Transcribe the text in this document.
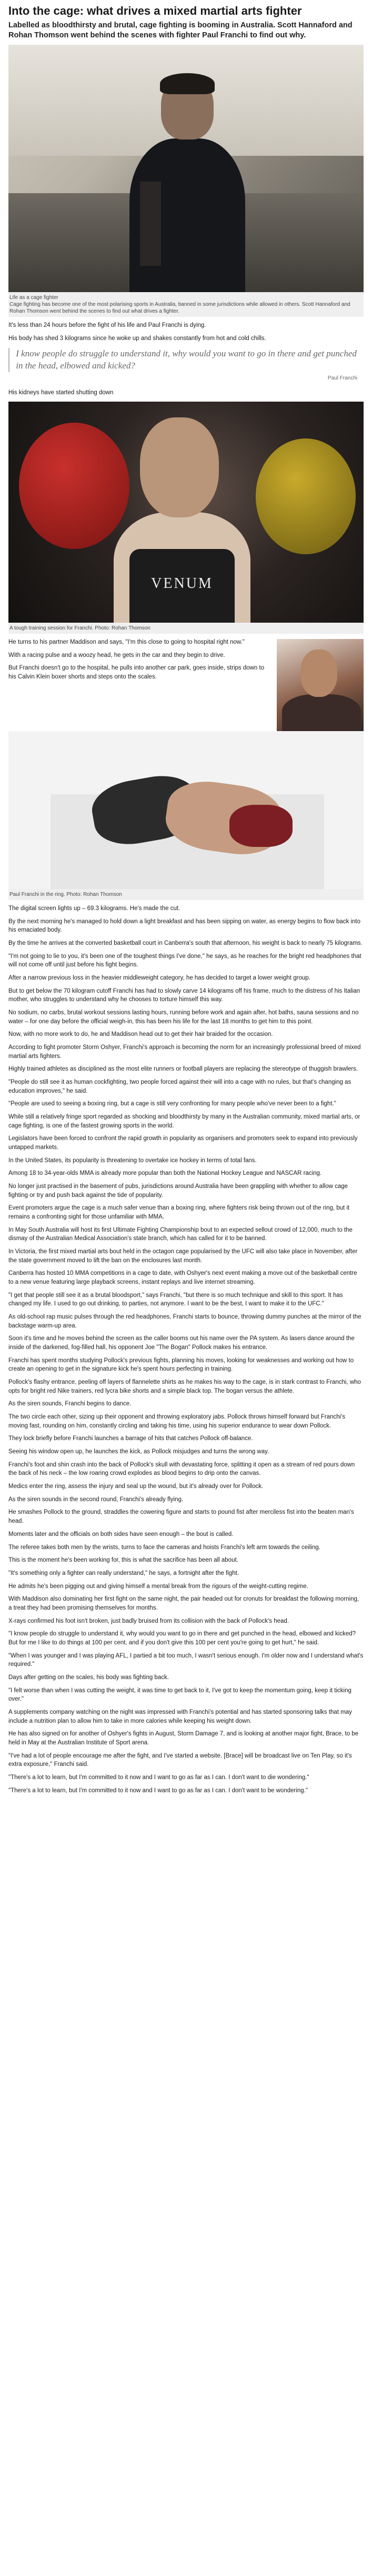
Into the cage: what drives a mixed martial arts fighter

Labelled as bloodthirsty and brutal, cage fighting is booming in Australia. Scott Hannaford and Rohan Thomson went behind the scenes with fighter Paul Franchi to find out why.

Life as a cage fighter
Cage fighting has become one of the most polarising sports in Australia, banned in some jurisdictions while allowed in others. Scott Hannaford and Rohan Thomson went behind the scenes to find out what drives a fighter.

It's less than 24 hours before the fight of his life and Paul Franchi is dying.

His body has shed 3 kilograms since he woke up and shakes constantly from hot and cold chills.

I know people do struggle to understand it, why would you want to go in there and get punched in the head, elbowed and kicked?
Paul Franchi

His kidneys have started shutting down

VENUM
A tough training session for Franchi. Photo: Rohan Thomson

He turns to his partner Maddison and says, "I'm this close to going to hospital right now."

With a racing pulse and a woozy head, he gets in the car and they begin to drive.

But Franchi doesn't go to the hospital, he pulls into another car park, goes inside, strips down to his Calvin Klein boxer shorts and steps onto the scales.

Paul Franchi in the ring. Photo: Rohan Thomson

The digital screen lights up – 69.3 kilograms. He's made the cut.

By the next morning he's managed to hold down a light breakfast and has been sipping on water, as energy begins to flow back into his emaciated body.

By the time he arrives at the converted basketball court in Canberra's south that afternoon, his weight is back to nearly 75 kilograms.

"I'm not going to lie to you, it's been one of the toughest things I've done," he says, as he reaches for the bright red headphones that will not come off until just before his fight begins.

After a narrow previous loss in the heavier middleweight category, he has decided to target a lower weight group.

But to get below the 70 kilogram cutoff Franchi has had to slowly carve 14 kilograms off his frame, much to the distress of his Italian mother, who struggles to understand why he chooses to torture himself this way.

No sodium, no carbs, brutal workout sessions lasting hours, running before work and again after, hot baths, sauna sessions and no water – for one day before the official weigh-in, this has been his life for the last 18 months to get him to this point.

Now, with no more work to do, he and Maddison head out to get their hair braided for the occasion.

According to fight promoter Storm Oshyer, Franchi's approach is becoming the norm for an increasingly professional breed of mixed martial arts fighters.

Highly trained athletes as disciplined as the most elite runners or football players are replacing the stereotype of thuggish brawlers.

"People do still see it as human cockfighting, two people forced against their will into a cage with no rules, but that's changing as education improves," he said.

"People are used to seeing a boxing ring, but a cage is still very confronting for many people who've never been to a fight."

While still a relatively fringe sport regarded as shocking and bloodthirsty by many in the Australian community, mixed martial arts, or cage fighting, is one of the fastest growing sports in the world.

Legislators have been forced to confront the rapid growth in popularity as organisers and promoters seek to expand into previously untapped markets.

In the United States, its popularity is threatening to overtake ice hockey in terms of total fans.

Among 18 to 34-year-olds MMA is already more popular than both the National Hockey League and NASCAR racing.

No longer just practised in the basement of pubs, jurisdictions around Australia have been grappling with whether to allow cage fighting or try and push back against the tide of popularity.

Event promoters argue the cage is a much safer venue than a boxing ring, where fighters risk being thrown out of the ring, but it remains a confronting sight for those unfamiliar with MMA.

In May South Australia will host its first Ultimate Fighting Championship bout to an expected sellout crowd of 12,000, much to the dismay of the Australian Medical Association's state branch, which has called for it to be banned.

In Victoria, the first mixed martial arts bout held in the octagon cage popularised by the UFC will also take place in November, after the state government moved to lift the ban on the enclosures last month.

Canberra has hosted 10 MMA competitions in a cage to date, with Oshyer's next event making a move out of the basketball centre to a new venue featuring large playback screens, instant replays and live internet streaming.

"I get that people still see it as a brutal bloodsport," says Franchi, "but there is so much technique and skill to this sport. It has changed my life. I used to go out drinking, to parties, not anymore. I want to be the best, I want to make it to the UFC."

As old-school rap music pulses through the red headphones, Franchi starts to bounce, throwing dummy punches at the mirror of the backstage warm-up area.

Soon it's time and he moves behind the screen as the caller booms out his name over the PA system. As lasers dance around the inside of the darkened, fog-filled hall, his opponent Joe "The Bogan" Pollock makes his entrance.

Franchi has spent months studying Pollock's previous fights, planning his moves, looking for weaknesses and working out how to create an opening to get in the signature kick he's spent hours perfecting in training.

Pollock's flashy entrance, peeling off layers of flannelette shirts as he makes his way to the cage, is in stark contrast to Franchi, who opts for bright red Nike trainers, red lycra bike shorts and a simple black top. The bogan versus the athlete.

As the siren sounds, Franchi begins to dance.

The two circle each other, sizing up their opponent and throwing exploratory jabs. Pollock throws himself forward but Franchi's moving fast, rounding on him, constantly circling and taking his time, using his superior endurance to wear down Pollock.

They lock briefly before Franchi launches a barrage of hits that catches Pollock off-balance.

Seeing his window open up, he launches the kick, as Pollock misjudges and turns the wrong way.

Franchi's foot and shin crash into the back of Pollock's skull with devastating force, splitting it open as a stream of red pours down the back of his neck – the low roaring crowd explodes as blood begins to drip onto the canvas.

Medics enter the ring, assess the injury and seal up the wound, but it's already over for Pollock.

As the siren sounds in the second round, Franchi's already flying.

He smashes Pollock to the ground, straddles the cowering figure and starts to pound fist after merciless fist into the beaten man's head.

Moments later and the officials on both sides have seen enough – the bout is called.

The referee takes both men by the wrists, turns to face the cameras and hoists Franchi's left arm towards the ceiling.

This is the moment he's been working for, this is what the sacrifice has been all about.

"It's something only a fighter can really understand," he says, a fortnight after the fight.

He admits he's been pigging out and giving himself a mental break from the rigours of the weight-cutting regime.

With Maddison also dominating her first fight on the same night, the pair headed out for cronuts for breakfast the following morning, a treat they had been promising themselves for months.

X-rays confirmed his foot isn't broken, just badly bruised from its collision with the back of Pollock's head.

"I know people do struggle to understand it, why would you want to go in there and get punched in the head, elbowed and kicked? But for me I like to do things at 100 per cent, and if you don't give this 100 per cent you're going to get hurt," he said.

"When I was younger and I was playing AFL, I partied a bit too much, I wasn't serious enough. I'm older now and I understand what's required."

Days after getting on the scales, his body was fighting back.

"I felt worse than when I was cutting the weight, it was time to get back to it, I've got to keep the momentum going, keep it ticking over."

A supplements company watching on the night was impressed with Franchi's potential and has started sponsoring talks that may include a nutrition plan to allow him to take in more calories while keeping his weight down.

He has also signed on for another of Oshyer's fights in August, Storm Damage 7, and is looking at another major fight, Brace, to be held in May at the Australian Institute of Sport arena.

"I've had a lot of people encourage me after the fight, and I've started a website. [Brace] will be broadcast live on Ten Play, so it's extra exposure," Franchi said.

"There's a lot to learn, but I'm committed to it now and I want to go as far as I can. I don't want to die wondering."

"There's a lot to learn, but I'm committed to it now and I want to go as far as I can. I don't want to be wondering."
